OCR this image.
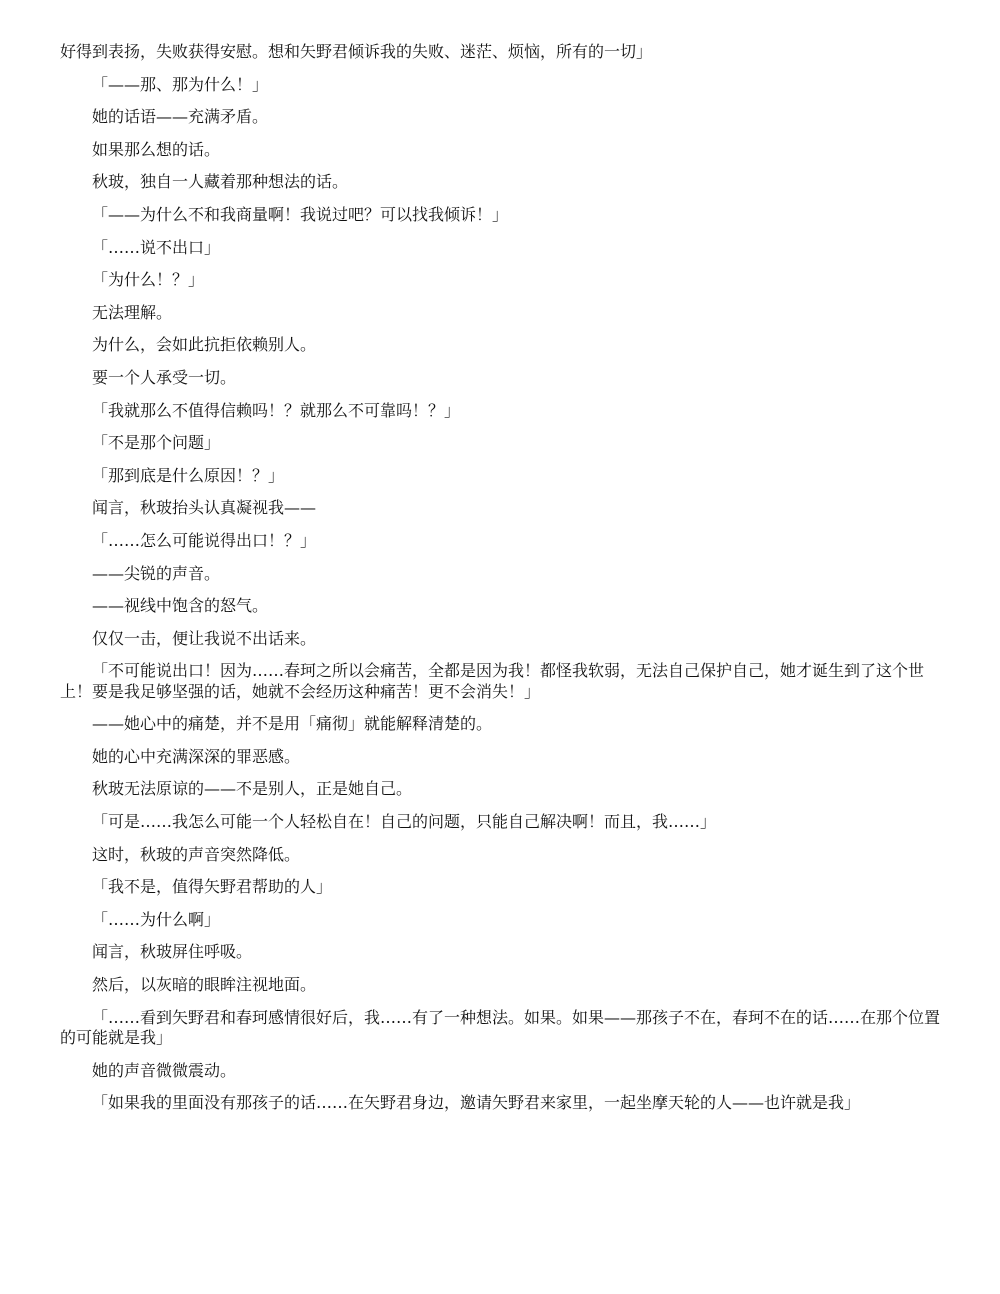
好得到表扬，失败获得安慰。想和矢野君倾诉我的失败、迷茫、烦恼，所有的一切」

「——那、那为什么！」

她的话语——充满矛盾。

如果那么想的话。

秋玻，独自一人藏着那种想法的话。

「——为什么不和我商量啊！我说过吧？可以找我倾诉！」

「……说不出口」

「为什么！？」

无法理解。

为什么，会如此抗拒依赖别人。

要一个人承受一切。

「我就那么不值得信赖吗！？就那么不可靠吗！？」

「不是那个问题」

「那到底是什么原因！？」

闻言，秋玻抬头认真凝视我——

「……怎么可能说得出口！？」

——尖锐的声音。

——视线中饱含的怒气。

仅仅一击，便让我说不出话来。

「不可能说出口！因为……春珂之所以会痛苦，全都是因为我！都怪我软弱，无法自己保护自己，她才诞生到了这个世上！要是我足够坚强的话，她就不会经历这种痛苦！更不会消失！」

——她心中的痛楚，并不是用「痛彻」就能解释清楚的。

她的心中充满深深的罪恶感。

秋玻无法原谅的——不是别人，正是她自己。

「可是……我怎么可能一个人轻松自在！自己的问题，只能自己解决啊！而且，我……」

这时，秋玻的声音突然降低。

「我不是，值得矢野君帮助的人」

「……为什么啊」

闻言，秋玻屏住呼吸。

然后，以灰暗的眼眸注视地面。

「……看到矢野君和春珂感情很好后，我……有了一种想法。如果。如果——那孩子不在，春珂不在的话……在那个位置的可能就是我」

她的声音微微震动。

「如果我的里面没有那孩子的话……在矢野君身边，邀请矢野君来家里，一起坐摩天轮的人——也许就是我」
